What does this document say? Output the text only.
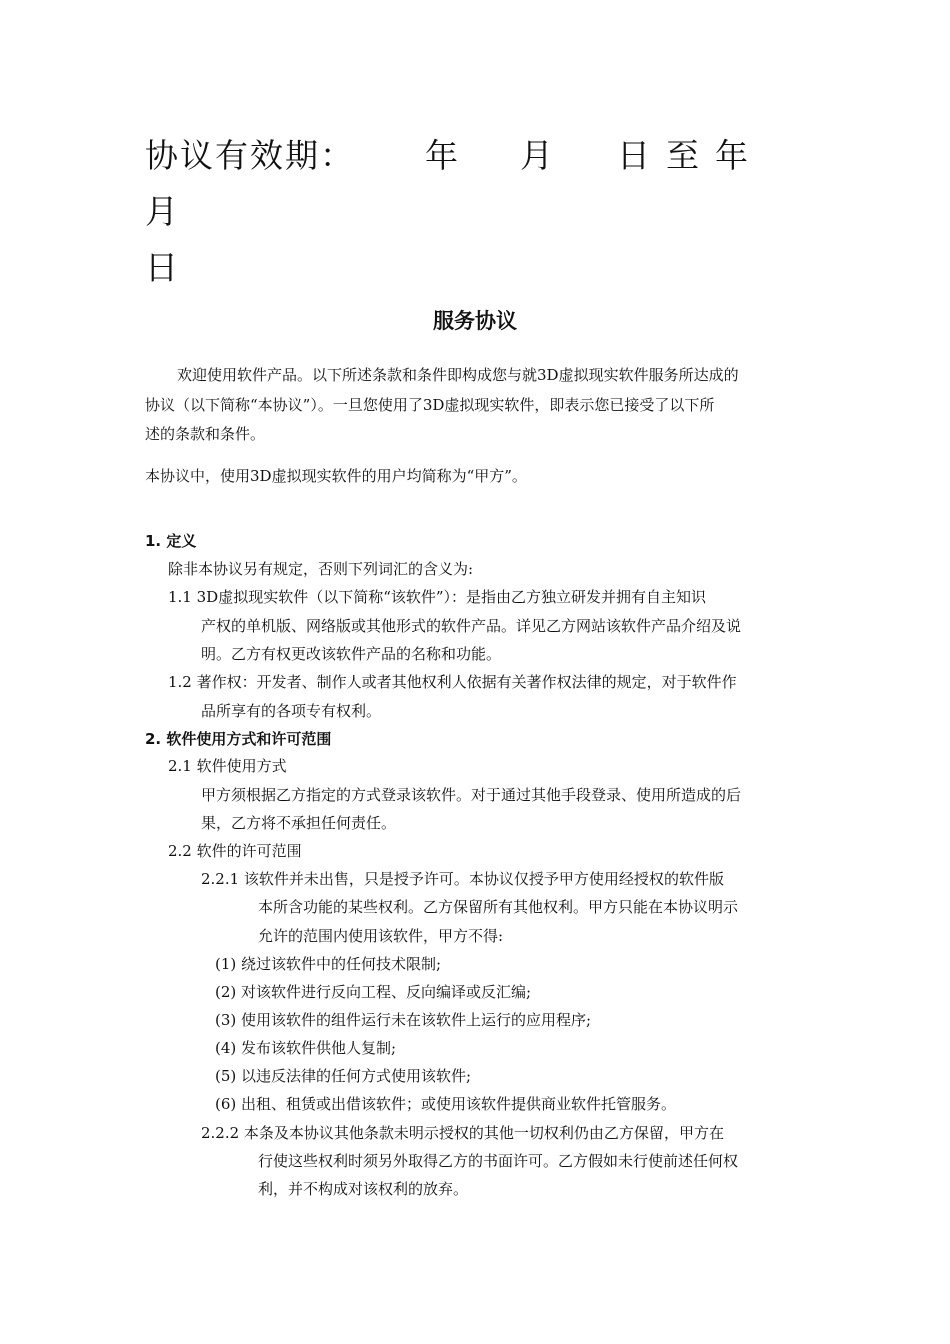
协议有效期： 年 月 日 至 年月
日
服务协议
欢迎使用软件产品。以下所述条款和条件即构成您与就3D虚拟现实软件服务所达成的
协议（以下简称“本协议”）。一旦您使用了3D虚拟现实软件，即表示您已接受了以下所
述的条款和条件。
本协议中，使用3D虚拟现实软件的用户均简称为“甲方”。
1. 定义
除非本协议另有规定，否则下列词汇的含义为:
1.1 3D虚拟现实软件（以下简称“该软件”）：是指由乙方独立研发并拥有自主知识
产权的单机版、网络版或其他形式的软件产品。详见乙方网站该软件产品介绍及说
明。乙方有权更改该软件产品的名称和功能。
1.2 著作权：开发者、制作人或者其他权利人依据有关著作权法律的规定，对于软件作
品所享有的各项专有权利。
2. 软件使用方式和许可范围
2.1 软件使用方式
甲方须根据乙方指定的方式登录该软件。对于通过其他手段登录、使用所造成的后
果，乙方将不承担任何责任。
2.2 软件的许可范围
2.2.1 该软件并未出售，只是授予许可。本协议仅授予甲方使用经授权的软件版
本所含功能的某些权利。乙方保留所有其他权利。甲方只能在本协议明示
允许的范围内使用该软件，甲方不得:
(1) 绕过该软件中的任何技术限制;
(2) 对该软件进行反向工程、反向编译或反汇编;
(3) 使用该软件的组件运行未在该软件上运行的应用程序;
(4) 发布该软件供他人复制;
(5) 以违反法律的任何方式使用该软件;
(6) 出租、租赁或出借该软件；或使用该软件提供商业软件托管服务。
2.2.2 本条及本协议其他条款未明示授权的其他一切权利仍由乙方保留，甲方在
行使这些权利时须另外取得乙方的书面许可。乙方假如未行使前述任何权
利，并不构成对该权利的放弃。
